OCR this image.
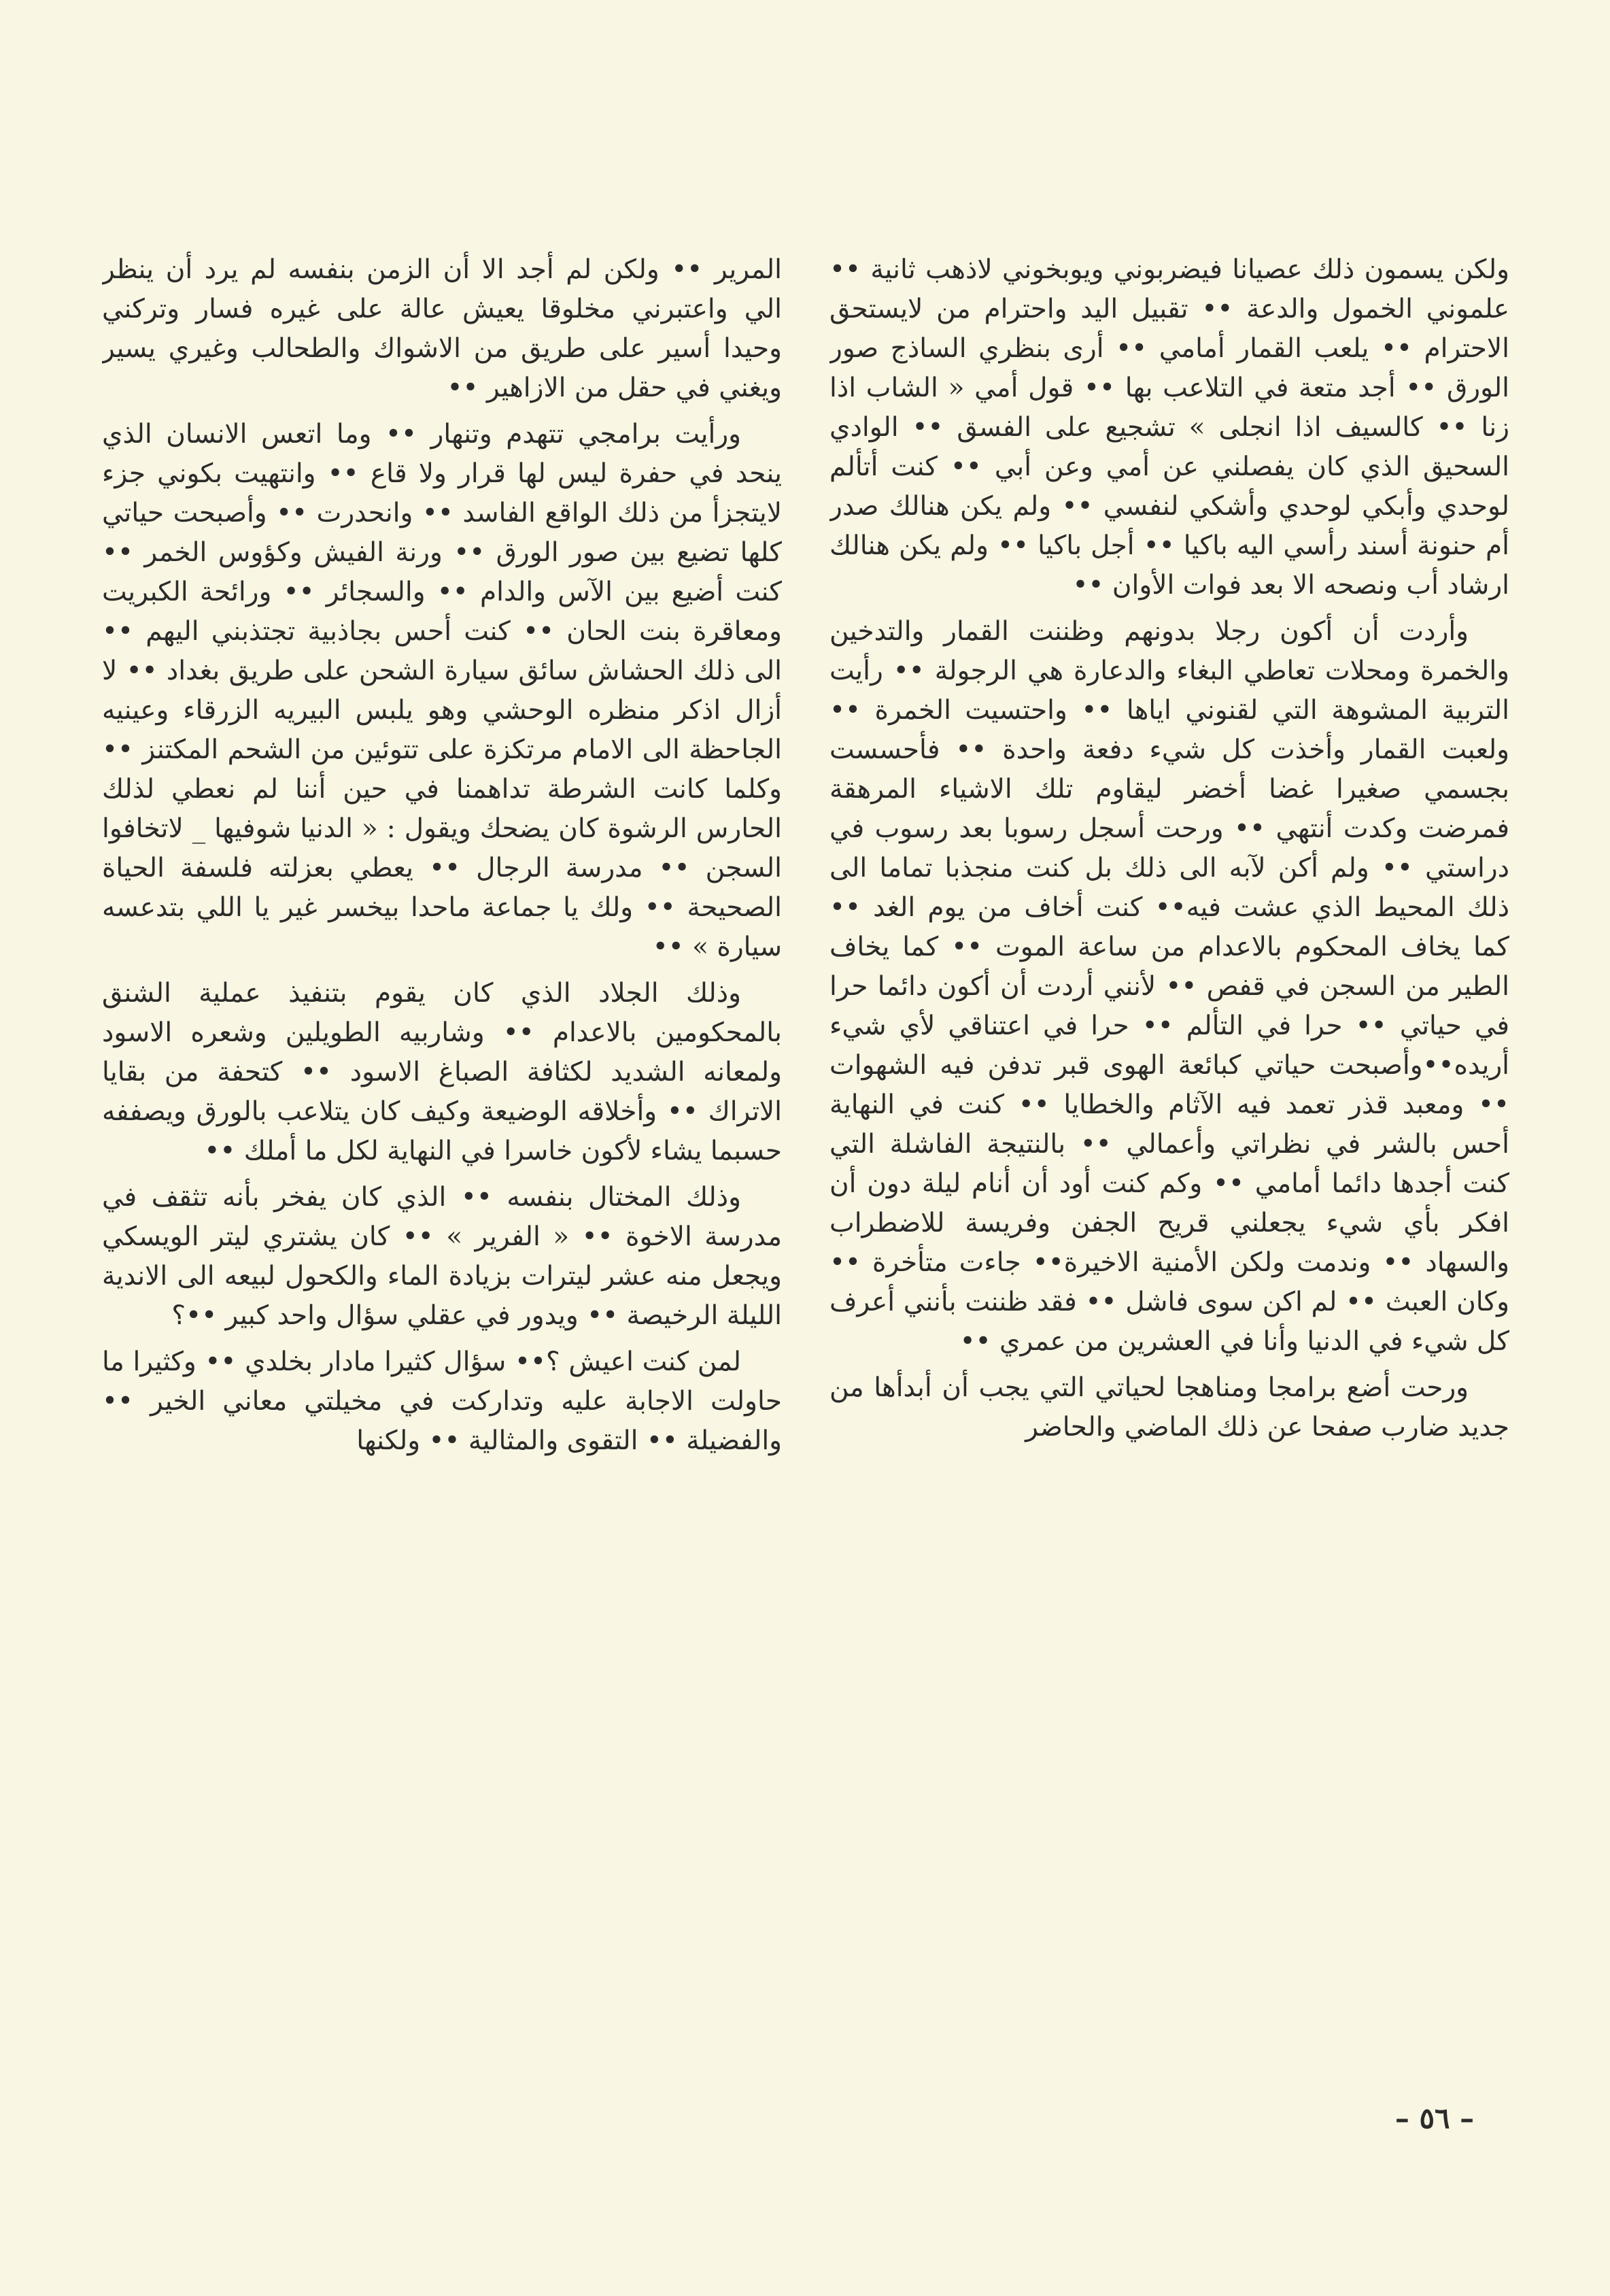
ولكن يسمون ذلك عصيانا فيضربوني ويوبخوني لاذهب ثانية •• علموني الخمول والدعة •• تقبيل اليد واحترام من لايستحق الاحترام •• يلعب القمار أمامي •• أرى بنظري الساذج صور الورق •• أجد متعة في التلاعب بها •• قول أمي « الشاب اذا زنا •• كالسيف اذا انجلى » تشجيع على الفسق •• الوادي السحيق الذي كان يفصلني عن أمي وعن أبي •• كنت أتألم لوحدي وأبكي لوحدي وأشكي لنفسي •• ولم يكن هنالك صدر أم حنونة أسند رأسي اليه باكيا •• أجل باكيا •• ولم يكن هنالك ارشاد أب ونصحه الا بعد فوات الأوان ••

وأردت أن أكون رجلا بدونهم وظننت القمار والتدخين والخمرة ومحلات تعاطي البغاء والدعارة هي الرجولة •• رأيت التربية المشوهة التي لقنوني اياها •• واحتسيت الخمرة •• ولعبت القمار وأخذت كل شيء دفعة واحدة •• فأحسست بجسمي صغيرا غضا أخضر ليقاوم تلك الاشياء المرهقة فمرضت وكدت أنتهي •• ورحت أسجل رسوبا بعد رسوب في دراستي •• ولم أكن لآبه الى ذلك بل كنت منجذبا تماما الى ذلك المحيط الذي عشت فيه•• كنت أخاف من يوم الغد •• كما يخاف المحكوم بالاعدام من ساعة الموت •• كما يخاف الطير من السجن في قفص •• لأنني أردت أن أكون دائما حرا في حياتي •• حرا في التألم •• حرا في اعتناقي لأي شيء أريده••وأصبحت حياتي كبائعة الهوى قبر تدفن فيه الشهوات •• ومعبد قذر تعمد فيه الآثام والخطايا •• كنت في النهاية أحس بالشر في نظراتي وأعمالي •• بالنتيجة الفاشلة التي كنت أجدها دائما أمامي •• وكم كنت أود أن أنام ليلة دون أن افكر بأي شيء يجعلني قريح الجفن وفريسة للاضطراب والسهاد •• وندمت ولكن الأمنية الاخيرة•• جاءت متأخرة •• وكان العبث •• لم اكن سوى فاشل •• فقد ظننت بأنني أعرف كل شيء في الدنيا وأنا في العشرين من عمري ••

ورحت أضع برامجا ومناهجا لحياتي التي يجب أن أبدأها من جديد ضارب صفحا عن ذلك الماضي والحاضر

المرير •• ولكن لم أجد الا أن الزمن بنفسه لم يرد أن ينظر الي واعتبرني مخلوقا يعيش عالة على غيره فسار وتركني وحيدا أسير على طريق من الاشواك والطحالب وغيري يسير ويغني في حقل من الازاهير ••

ورأيت برامجي تتهدم وتنهار •• وما اتعس الانسان الذي ينحد في حفرة ليس لها قرار ولا قاع •• وانتهيت بكوني جزء لايتجزأ من ذلك الواقع الفاسد •• وانحدرت •• وأصبحت حياتي كلها تضيع بين صور الورق •• ورنة الفيش وكؤوس الخمر •• كنت أضيع بين الآس والدام •• والسجائر •• ورائحة الكبريت ومعاقرة بنت الحان •• كنت أحس بجاذبية تجتذبني اليهم •• الى ذلك الحشاش سائق سيارة الشحن على طريق بغداد •• لا أزال اذكر منظره الوحشي وهو يلبس البيريه الزرقاء وعينيه الجاحظة الى الامام مرتكزة على تتوئين من الشحم المكتنز •• وكلما كانت الشرطة تداهمنا في حين أننا لم نعطي لذلك الحارس الرشوة كان يضحك ويقول : « الدنيا شوفيها _ لاتخافوا السجن •• مدرسة الرجال •• يعطي بعزلته فلسفة الحياة الصحيحة •• ولك يا جماعة ماحدا بيخسر غير يا اللي بتدعسه سيارة » ••

وذلك الجلاد الذي كان يقوم بتنفيذ عملية الشنق بالمحكومين بالاعدام •• وشاربيه الطويلين وشعره الاسود ولمعانه الشديد لكثافة الصباغ الاسود •• كتحفة من بقايا الاتراك •• وأخلاقه الوضيعة وكيف كان يتلاعب بالورق ويصففه حسبما يشاء لأكون خاسرا في النهاية لكل ما أملك ••

وذلك المختال بنفسه •• الذي كان يفخر بأنه تثقف في مدرسة الاخوة •• « الفرير » •• كان يشتري ليتر الويسكي ويجعل منه عشر ليترات بزيادة الماء والكحول لبيعه الى الاندية الليلة الرخيصة •• ويدور في عقلي سؤال واحد كبير ••؟

لمن كنت اعيش ؟•• سؤال كثيرا مادار بخلدي •• وكثيرا ما حاولت الاجابة عليه وتداركت في مخيلتي معاني الخير •• والفضيلة •• التقوى والمثالية •• ولكنها

– ٥٦ –
